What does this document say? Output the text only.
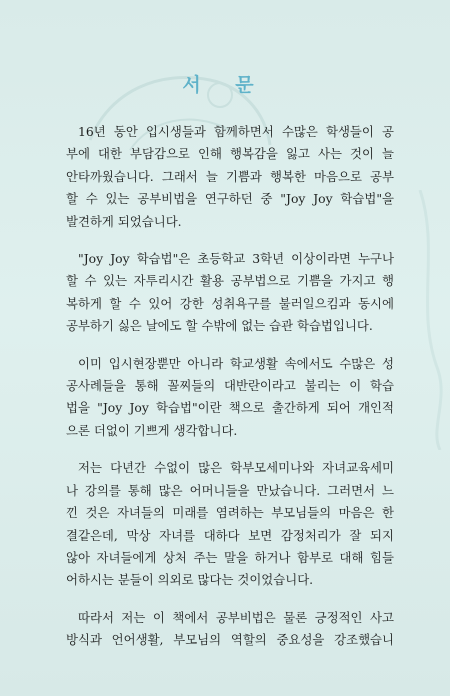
서 문

16년 동안 입시생들과 함께하면서 수많은 학생들이 공
부에 대한 부담감으로 인해 행복감을 잃고 사는 것이 늘
안타까웠습니다. 그래서 늘 기쁨과 행복한 마음으로 공부
할 수 있는 공부비법을 연구하던 중 "Joy Joy 학습법"을
발견하게 되었습니다.

"Joy Joy 학습법"은 초등학교 3학년 이상이라면 누구나
할 수 있는 자투리시간 활용 공부법으로 기쁨을 가지고 행
복하게 할 수 있어 강한 성취욕구를 불러일으킴과 동시에
공부하기 싫은 날에도 할 수밖에 없는 습관 학습법입니다.

이미 입시현장뿐만 아니라 학교생활 속에서도 수많은 성
공사례들을 통해 꼴찌들의 대반란이라고 불리는 이 학습
법을 "Joy Joy 학습법"이란 책으로 출간하게 되어 개인적
으론 더없이 기쁘게 생각합니다.

저는 다년간 수없이 많은 학부모세미나와 자녀교육세미
나 강의를 통해 많은 어머니들을 만났습니다. 그러면서 느
낀 것은 자녀들의 미래를 염려하는 부모님들의 마음은 한
결같은데, 막상 자녀를 대하다 보면 감정처리가 잘 되지
않아 자녀들에게 상처 주는 말을 하거나 함부로 대해 힘들
어하시는 분들이 의외로 많다는 것이었습니다.

따라서 저는 이 책에서 공부비법은 물론 긍정적인 사고
방식과 언어생활, 부모님의 역할의 중요성을 강조했습니
